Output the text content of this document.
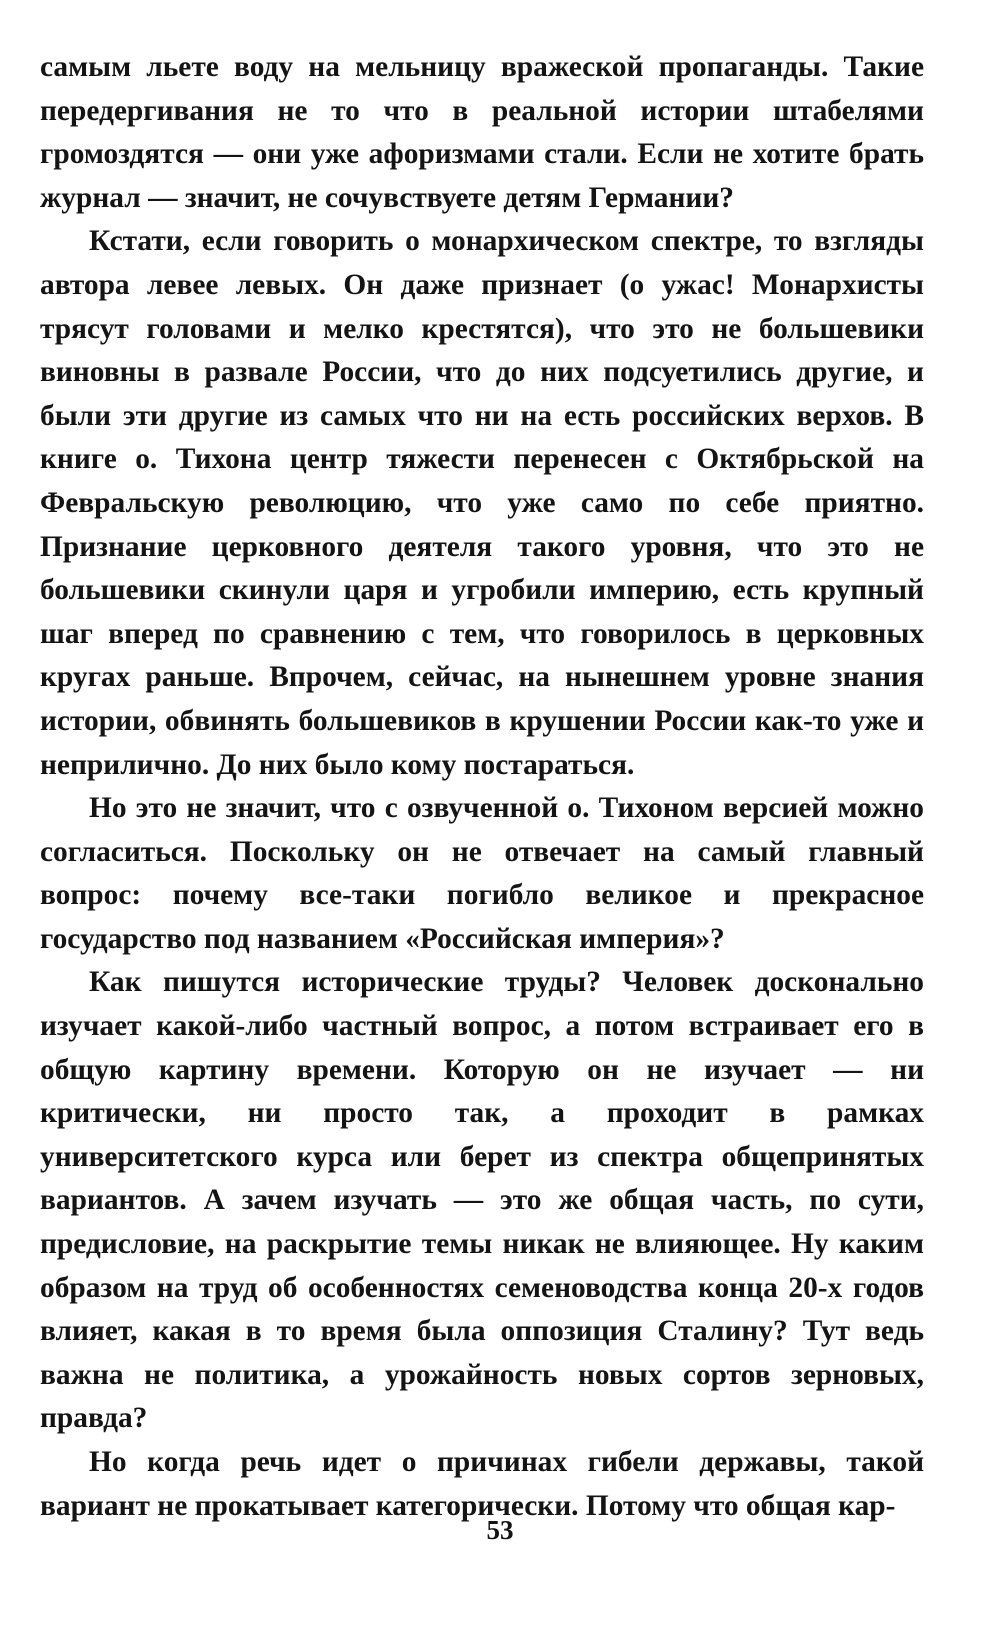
самым льете воду на мельницу вражеской пропаганды. Такие передергивания не то что в реальной истории штабелями громоздятся — они уже афоризмами стали. Если не хотите брать журнал — значит, не сочувствуете детям Германии?

Кстати, если говорить о монархическом спектре, то взгляды автора левее левых. Он даже признает (о ужас! Монархисты трясут головами и мелко крестятся), что это не большевики виновны в развале России, что до них подсуетились другие, и были эти другие из самых что ни на есть российских верхов. В книге о. Тихона центр тяжести перенесен с Октябрьской на Февральскую революцию, что уже само по себе приятно. Признание церковного деятеля такого уровня, что это не большевики скинули царя и угробили империю, есть крупный шаг вперед по сравнению с тем, что говорилось в церковных кругах раньше. Впрочем, сейчас, на нынешнем уровне знания истории, обвинять большевиков в крушении России как-то уже и неприлично. До них было кому постараться.

Но это не значит, что с озвученной о. Тихоном версией можно согласиться. Поскольку он не отвечает на самый главный вопрос: почему все-таки погибло великое и прекрасное государство под названием «Российская империя»?

Как пишутся исторические труды? Человек досконально изучает какой-либо частный вопрос, а потом встраивает его в общую картину времени. Которую он не изучает — ни критически, ни просто так, а проходит в рамках университетского курса или берет из спектра общепринятых вариантов. А зачем изучать — это же общая часть, по сути, предисловие, на раскрытие темы никак не влияющее. Ну каким образом на труд об особенностях семеноводства конца 20-х годов влияет, какая в то время была оппозиция Сталину? Тут ведь важна не политика, а урожайность новых сортов зерновых, правда?

Но когда речь идет о причинах гибели державы, такой вариант не прокатывает категорически. Потому что общая кар-

53
